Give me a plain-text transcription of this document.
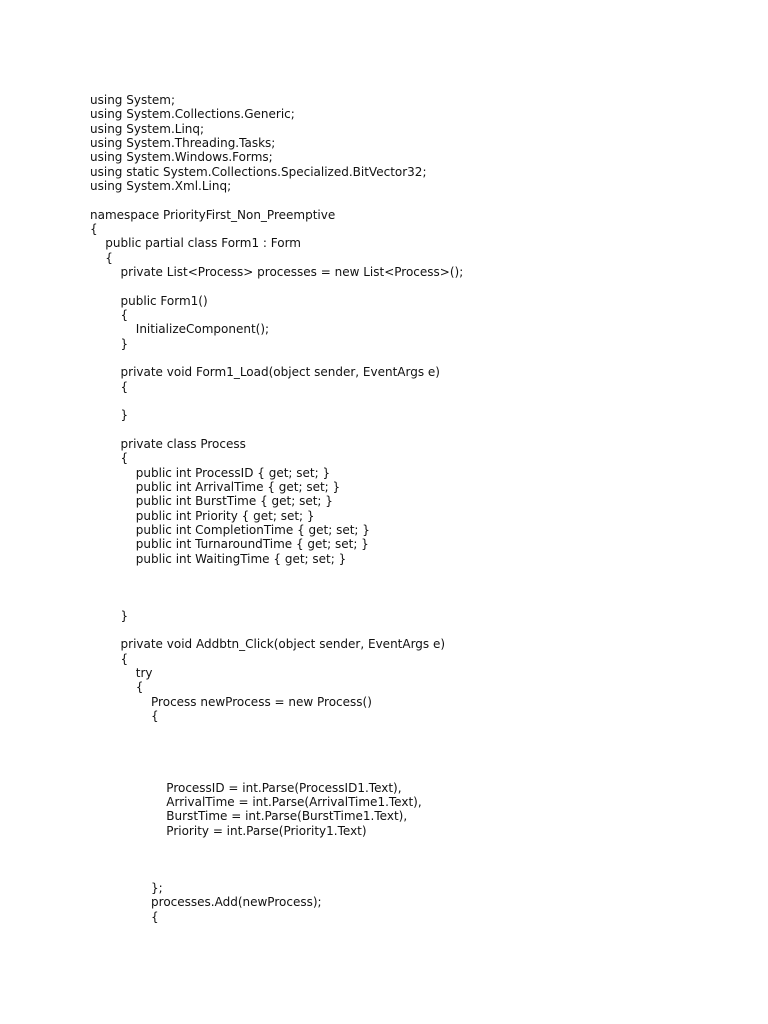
using System;
using System.Collections.Generic;
using System.Linq;
using System.Threading.Tasks;
using System.Windows.Forms;
using static System.Collections.Specialized.BitVector32;
using System.Xml.Linq;
namespace PriorityFirst_Non_Preemptive
{
public partial class Form1 : Form
{
private List<Process> processes = new List<Process>();
public Form1()
{
InitializeComponent();
}
private void Form1_Load(object sender, EventArgs e)
{
}
private class Process
{
public int ProcessID { get; set; }
public int ArrivalTime { get; set; }
public int BurstTime { get; set; }
public int Priority { get; set; }
public int CompletionTime { get; set; }
public int TurnaroundTime { get; set; }
public int WaitingTime { get; set; }
}
private void Addbtn_Click(object sender, EventArgs e)
{
try
{
Process newProcess = new Process()
{
ProcessID = int.Parse(ProcessID1.Text),
ArrivalTime = int.Parse(ArrivalTime1.Text),
BurstTime = int.Parse(BurstTime1.Text),
Priority = int.Parse(Priority1.Text)
};
processes.Add(newProcess);
{
